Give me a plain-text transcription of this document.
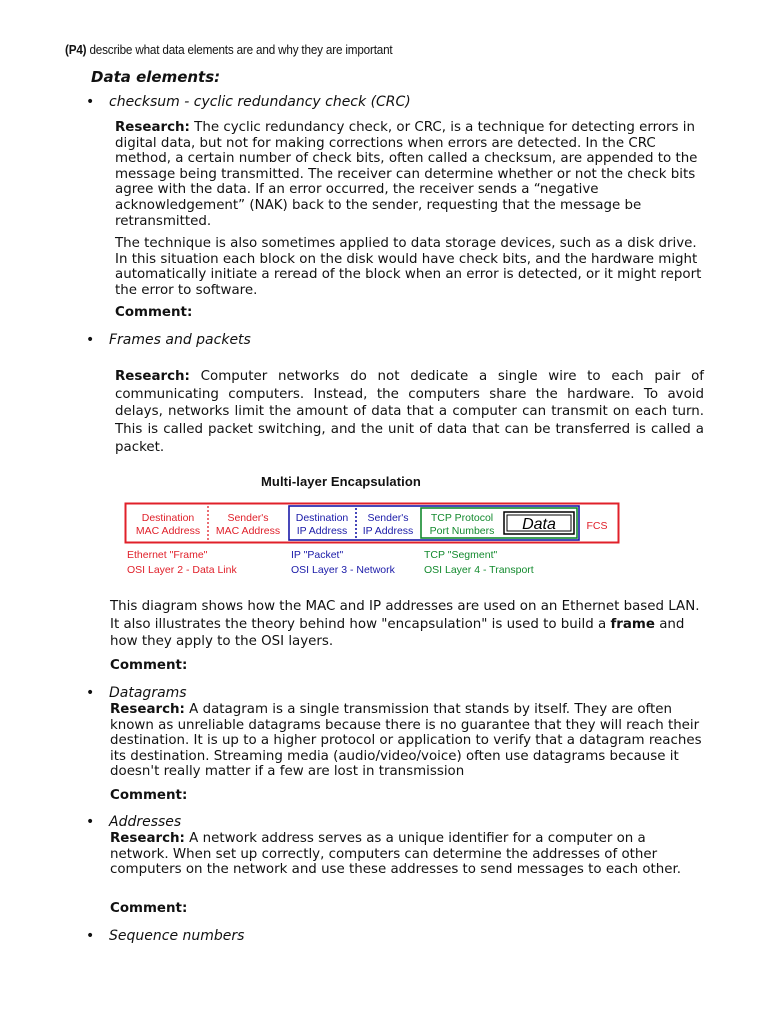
(P4) describe what data elements are and why they are important
Data elements:
• checksum - cyclic redundancy check (CRC)

Research: The cyclic redundancy check, or CRC, is a technique for detecting errors in digital data, but not for making corrections when errors are detected. In the CRC method, a certain number of check bits, often called a checksum, are appended to the message being transmitted. The receiver can determine whether or not the check bits agree with the data. If an error occurred, the receiver sends a “negative acknowledgement” (NAK) back to the sender, requesting that the message be retransmitted.

The technique is also sometimes applied to data storage devices, such as a disk drive. In this situation each block on the disk would have check bits, and the hardware might automatically initiate a reread of the block when an error is detected, or it might report the error to software.

Comment:
• Frames and packets

Research: Computer networks do not dedicate a single wire to each pair of communicating computers. Instead, the computers share the hardware. To avoid delays, networks limit the amount of data that a computer can transmit on each turn. This is called packet switching, and the unit of data that can be transferred is called a packet.

Multi-layer Encapsulation
Destination
MAC Address
Sender's
MAC Address
Destination
IP Address
Sender's
IP Address
TCP Protocol
Port Numbers Data	FCS
Ethernet "Frame"
OSI Layer 2 - Data Link
IP "Packet"
OSI Layer 3 - Network
TCP "Segment"
OSI Layer 4 - Transport

This diagram shows how the MAC and IP addresses are used on an Ethernet based LAN. It also illustrates the theory behind how "encapsulation" is used to build a frame and how they apply to the OSI layers.

Comment:
• Datagrams

Research: A datagram is a single transmission that stands by itself. They are often known as unreliable datagrams because there is no guarantee that they will reach their destination. It is up to a higher protocol or application to verify that a datagram reaches its destination. Streaming media (audio/video/voice) often use datagrams because it doesn't really matter if a few are lost in transmission

Comment:
• Addresses

Research: A network address serves as a unique identifier for a computer on a network. When set up correctly, computers can determine the addresses of other computers on the network and use these addresses to send messages to each other.

Comment:
• Sequence numbers
